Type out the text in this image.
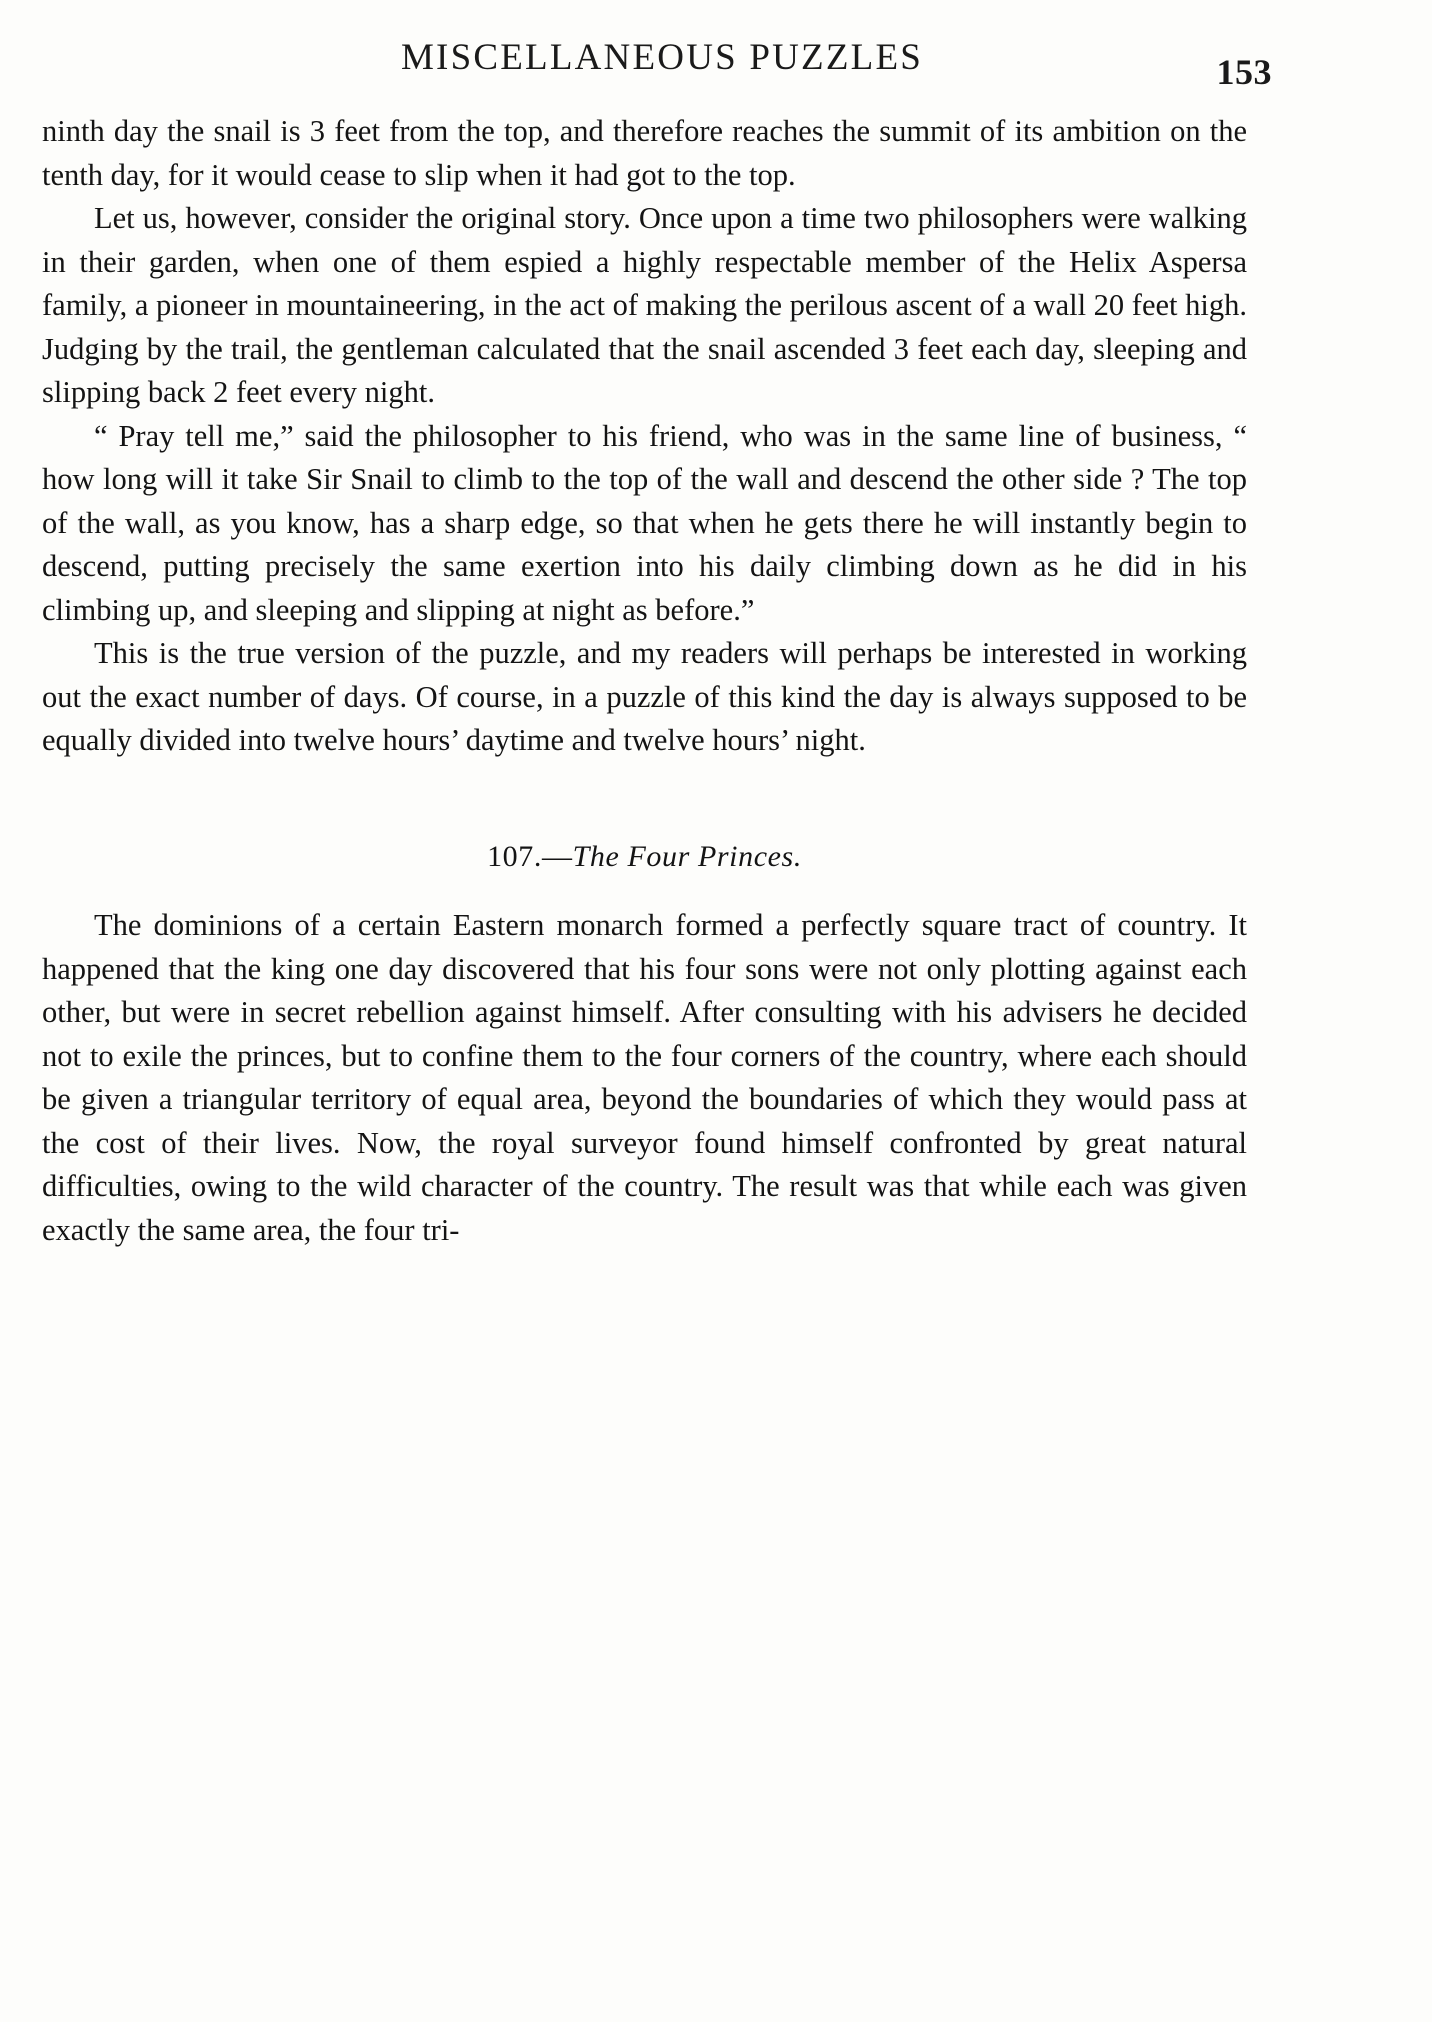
MISCELLANEOUS PUZZLES	153

ninth day the snail is 3 feet from the top, and therefore reaches the summit of its ambition on the tenth day, for it would cease to slip when it had got to the top.

Let us, however, consider the original story. Once upon a time two philosophers were walking in their garden, when one of them espied a highly respectable member of the Helix Aspersa family, a pioneer in mountaineering, in the act of making the perilous ascent of a wall 20 feet high. Judging by the trail, the gentleman calculated that the snail ascended 3 feet each day, sleeping and slipping back 2 feet every night.

“ Pray tell me,” said the philosopher to his friend, who was in the same line of business, “ how long will it take Sir Snail to climb to the top of the wall and descend the other side ? The top of the wall, as you know, has a sharp edge, so that when he gets there he will instantly begin to descend, putting precisely the same exertion into his daily climbing down as he did in his climbing up, and sleeping and slipping at night as before.”

This is the true version of the puzzle, and my readers will perhaps be interested in working out the exact number of days. Of course, in a puzzle of this kind the day is always supposed to be equally divided into twelve hours’ daytime and twelve hours’ night.

107.—The Four Princes.

The dominions of a certain Eastern monarch formed a perfectly square tract of country. It happened that the king one day discovered that his four sons were not only plotting against each other, but were in secret rebellion against himself. After consulting with his advisers he decided not to exile the princes, but to confine them to the four corners of the country, where each should be given a triangular territory of equal area, beyond the boundaries of which they would pass at the cost of their lives. Now, the royal surveyor found himself confronted by great natural difficulties, owing to the wild character of the country. The result was that while each was given exactly the same area, the four tri-
